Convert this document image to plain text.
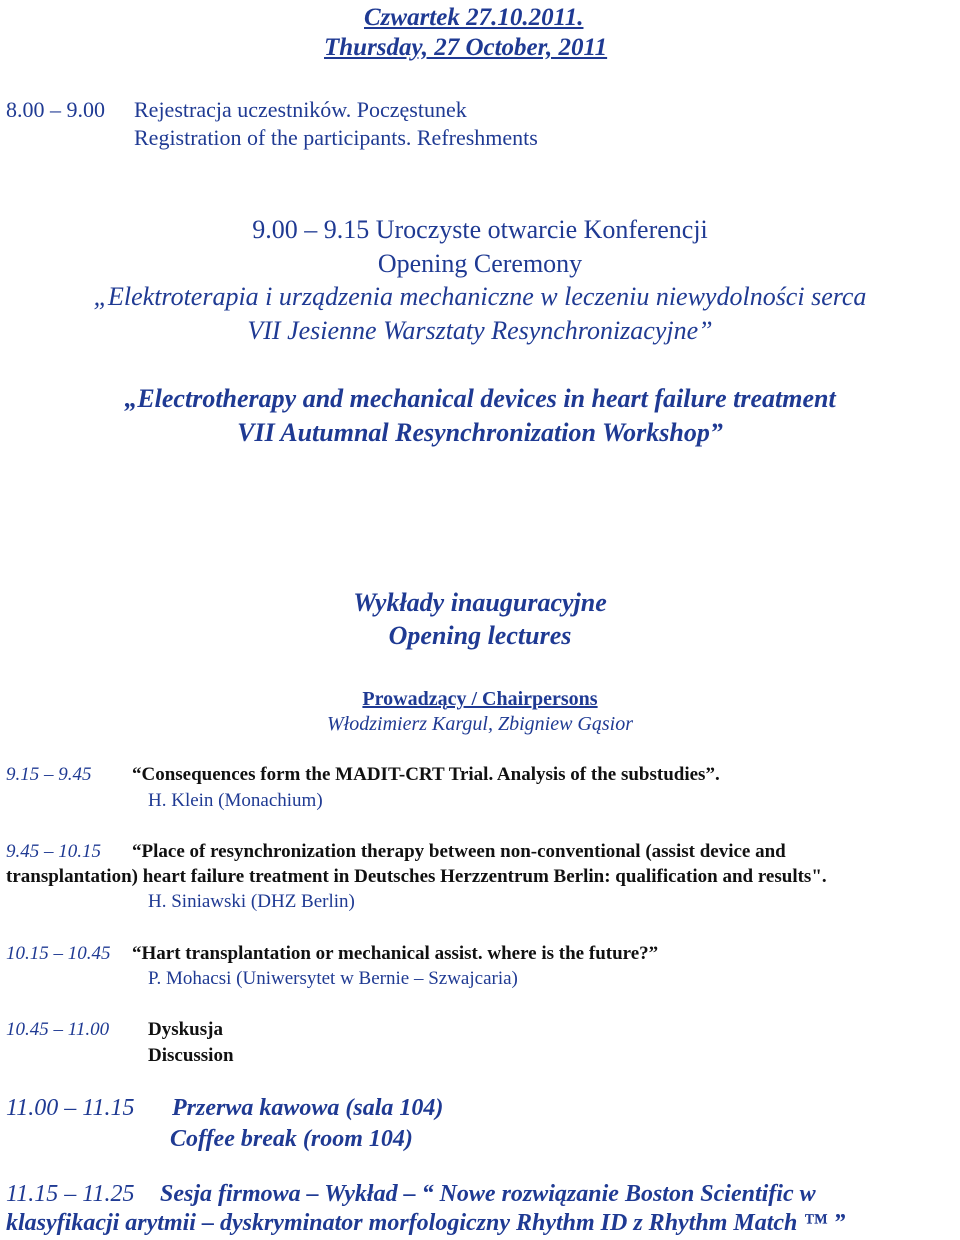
Czwartek 27.10.2011.
Thursday, 27 October, 2011
8.00 – 9.00 Rejestracja uczestników. Poczęstunek
Registration of the participants. Refreshments
9.00 – 9.15 Uroczyste otwarcie Konferencji
Opening Ceremony
„Elektroterapia i urządzenia mechaniczne w leczeniu niewydolności serca
VII Jesienne Warsztaty Resynchronizacyjne”
„Electrotherapy and mechanical devices in heart failure treatment
VII Autumnal Resynchronization Workshop”
Wykłady inauguracyjne
Opening lectures
Prowadzący / Chairpersons
Włodzimierz Kargul, Zbigniew Gąsior
9.15 – 9.45 “Consequences form the MADIT-CRT Trial. Analysis of the substudies”.
H. Klein (Monachium)
9.45 – 10.15 “Place of resynchronization therapy between non-conventional (assist device and
transplantation) heart failure treatment in Deutsches Herzzentrum Berlin: qualification and results".
H. Siniawski (DHZ Berlin)
10.15 – 10.45 “Hart transplantation or mechanical assist. where is the future?”
P. Mohacsi (Uniwersytet w Bernie – Szwajcaria)
10.45 – 11.00 Dyskusja
Discussion
11.00 – 11.15 Przerwa kawowa (sala 104)
Coffee break (room 104)
11.15 – 11.25 Sesja firmowa – Wykład – “ Nowe rozwiązanie Boston Scientific w
klasyfikacji arytmii – dyskryminator morfologiczny Rhythm ID z Rhythm Match ™ ”
